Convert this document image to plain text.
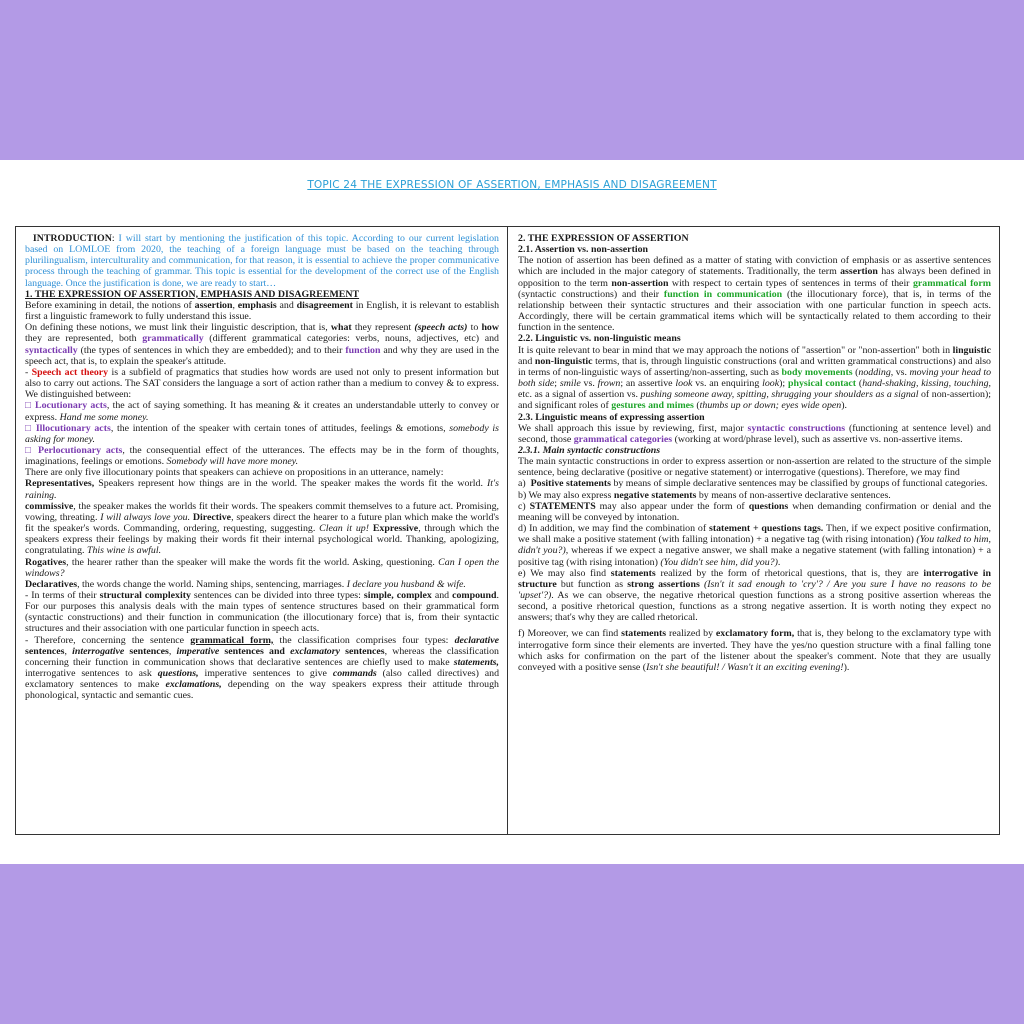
TOPIC 24 THE EXPRESSION OF ASSERTION, EMPHASIS AND DISAGREEMENT

INTRODUCTION: I will start by mentioning the justification of this topic. According to our current legislation based on LOMLOE from 2020, the teaching of a foreign language must be based on the teaching through plurilingualism, interculturality and communication, for that reason, it is essential to achieve the proper communicative process through the teaching of grammar. This topic is essential for the development of the correct use of the English language. Once the justification is done, we are ready to start…

1. THE EXPRESSION OF ASSERTION, EMPHASIS AND DISAGREEMENT

Before examining in detail, the notions of assertion, emphasis and disagreement in English, it is relevant to establish first a linguistic framework to fully understand this issue.
On defining these notions, we must link their linguistic description, that is, what they represent (speech acts) to how they are represented, both grammatically (different grammatical categories: verbs, nouns, adjectives, etc) and syntactically (the types of sentences in which they are embedded); and to their function and why they are used in the speech act, that is, to explain the speaker's attitude.
- Speech act theory is a subfield of pragmatics that studies how words are used not only to present information but also to carry out actions. The SAT considers the language a sort of action rather than a medium to convey & to express. We distinguished between:
□ Locutionary acts, the act of saying something. It has meaning & it creates an understandable utterly to convey or express. Hand me some money.
□ Illocutionary acts, the intention of the speaker with certain tones of attitudes, feelings & emotions, somebody is asking for money.
□ Perlocutionary acts, the consequential effect of the utterances. The effects may be in the form of thoughts, imaginations, feelings or emotions. Somebody will have more money.
There are only five illocutionary points that speakers can achieve on propositions in an utterance, namely:
Representatives, Speakers represent how things are in the world. The speaker makes the words fit the world. It's raining.
commissive, the speaker makes the worlds fit their words. The speakers commit themselves to a future act. Promising, vowing, threating. I will always love you. Directive, speakers direct the hearer to a future plan which make the world's fit the speaker's words. Commanding, ordering, requesting, suggesting. Clean it up! Expressive, through which the speakers express their feelings by making their words fit their internal psychological world. Thanking, apologizing, congratulating. This wine is awful.
Rogatives, the hearer rather than the speaker will make the words fit the world. Asking, questioning. Can I open the windows?
Declaratives, the words change the world. Naming ships, sentencing, marriages. I declare you husband & wife.
- In terms of their structural complexity sentences can be divided into three types: simple, complex and compound. For our purposes this analysis deals with the main types of sentence structures based on their grammatical form (syntactic constructions) and their function in communication (the illocutionary force) that is, from their syntactic structures and their association with one particular function in speech acts.
- Therefore, concerning the sentence grammatical form, the classification comprises four types: declarative sentences, interrogative sentences, imperative sentences and exclamatory sentences, whereas the classification concerning their function in communication shows that declarative sentences are chiefly used to make statements, interrogative sentences to ask questions, imperative sentences to give commands (also called directives) and exclamatory sentences to make exclamations, depending on the way speakers express their attitude through phonological, syntactic and semantic cues.

2. THE EXPRESSION OF ASSERTION

2.1. Assertion vs. non-assertion

The notion of assertion has been defined as a matter of stating with conviction of emphasis or as assertive sentences which are included in the major category of statements. Traditionally, the term assertion has always been defined in opposition to the term non-assertion with respect to certain types of sentences in terms of their grammatical form (syntactic constructions) and their function in communication (the illocutionary force), that is, in terms of the relationship between their syntactic structures and their association with one particular function in speech acts. Accordingly, there will be certain grammatical items which will be syntactically related to them according to their function in the sentence.

2.2. Linguistic vs. non-linguistic means

It is quite relevant to bear in mind that we may approach the notions of "assertion" or "non-assertion" both in linguistic and non-linguistic terms, that is, through linguistic constructions (oral and written grammatical constructions) and also in terms of non-linguistic ways of asserting/non-asserting, such as body movements (nodding, vs. moving your head to both side; smile vs. frown; an assertive look vs. an enquiring look); physical contact (hand-shaking, kissing, touching, etc. as a signal of assertion vs. pushing someone away, spitting, shrugging your shoulders as a signal of non-assertion); and significant roles of gestures and mimes (thumbs up or down; eyes wide open).

2.3. Linguistic means of expressing assertion

We shall approach this issue by reviewing, first, major syntactic constructions (functioning at sentence level) and second, those grammatical categories (working at word/phrase level), such as assertive vs. non-assertive items.

2.3.1. Main syntactic constructions

The main syntactic constructions in order to express assertion or non-assertion are related to the structure of the simple sentence, being declarative (positive or negative statement) or interrogative (questions). Therefore, we may find
a)  Positive statements by means of simple declarative sentences may be classified by groups of functional categories.
b) We may also express negative statements by means of non-assertive declarative sentences.
c) STATEMENTS may also appear under the form of questions when demanding confirmation or denial and the meaning will be conveyed by intonation.
d) In addition, we may find the combination of statement + questions tags. Then, if we expect positive confirmation, we shall make a positive statement (with falling intonation) + a negative tag (with rising intonation) (You talked to him, didn't you?), whereas if we expect a negative answer, we shall make a negative statement (with falling intonation) + a positive tag (with rising intonation) (You didn't see him, did you?).
e) We may also find statements realized by the form of rhetorical questions, that is, they are interrogative in structure but function as strong assertions (Isn't it sad enough to 'cry'? / Are you sure I have no reasons to be 'upset'?). As we can observe, the negative rhetorical question functions as a strong positive assertion whereas the second, a positive rhetorical question, functions as a strong negative assertion. It is worth noting they expect no answers; that's why they are called rhetorical.

f) Moreover, we can find statements realized by exclamatory form, that is, they belong to the exclamatory type with interrogative form since their elements are inverted. They have the yes/no question structure with a final falling tone which asks for confirmation on the part of the listener about the speaker's comment. Note that they are usually conveyed with a positive sense (Isn't she beautiful! / Wasn't it an exciting evening!).
